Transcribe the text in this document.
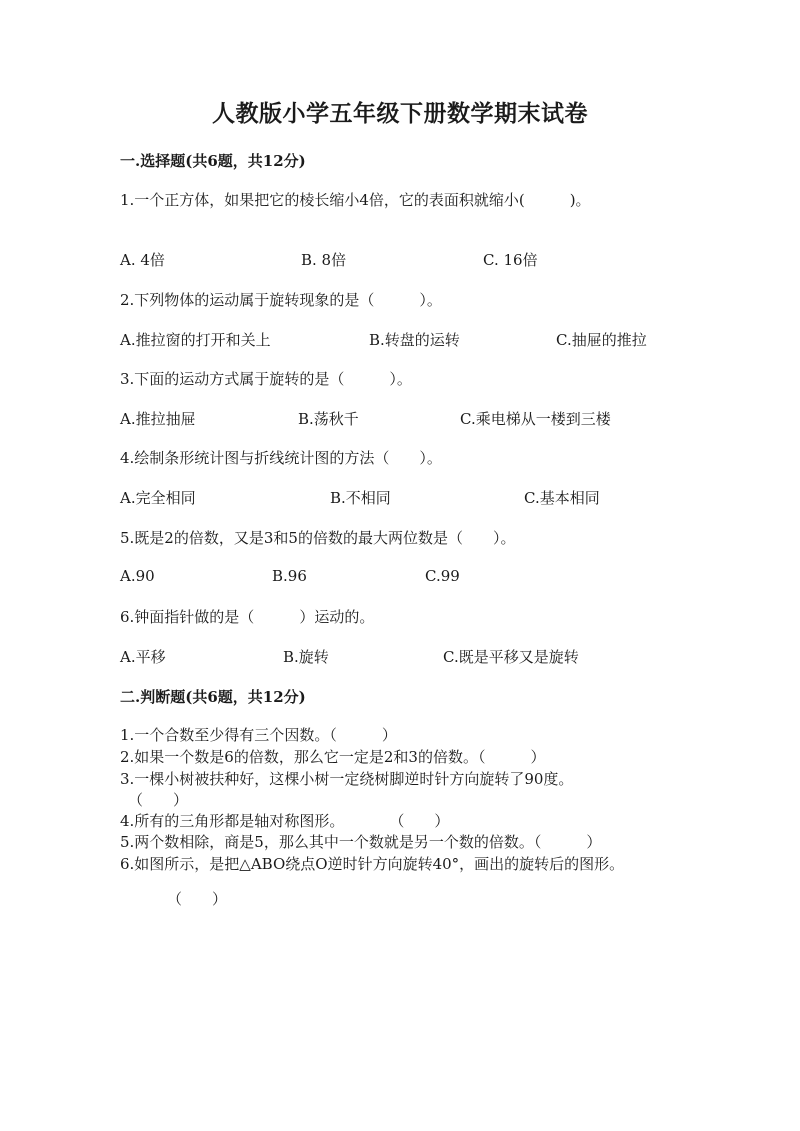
人教版小学五年级下册数学期末试卷
一.选择题(共6题，共12分)
1.一个正方体，如果把它的棱长缩小4倍，它的表面积就缩小(　　　)。
A. 4倍	B. 8倍	C. 16倍
2.下列物体的运动属于旋转现象的是（　　　）。
A.推拉窗的打开和关上	B.转盘的运转	C.抽屉的推拉
3.下面的运动方式属于旋转的是（　　　）。
A.推拉抽屉	B.荡秋千	C.乘电梯从一楼到三楼
4.绘制条形统计图与折线统计图的方法（　　）。
A.完全相同	B.不相同	C.基本相同
5.既是2的倍数，又是3和5的倍数的最大两位数是（　　）。
A.90	B.96	C.99
6.钟面指针做的是（　　　）运动的。
A.平移	B.旋转	C.既是平移又是旋转
二.判断题(共6题，共12分)
1.一个合数至少得有三个因数。（　　　）
2.如果一个数是6的倍数，那么它一定是2和3的倍数。（　　　）
3.一棵小树被扶种好，这棵小树一定绕树脚逆时针方向旋转了90度。
（　　）
4.所有的三角形都是轴对称图形。　　　　（　　）
5.两个数相除，商是5，那么其中一个数就是另一个数的倍数。（　　　）
6.如图所示，是把△ABO绕点O逆时针方向旋转40°，画出的旋转后的图形。
（　　）
